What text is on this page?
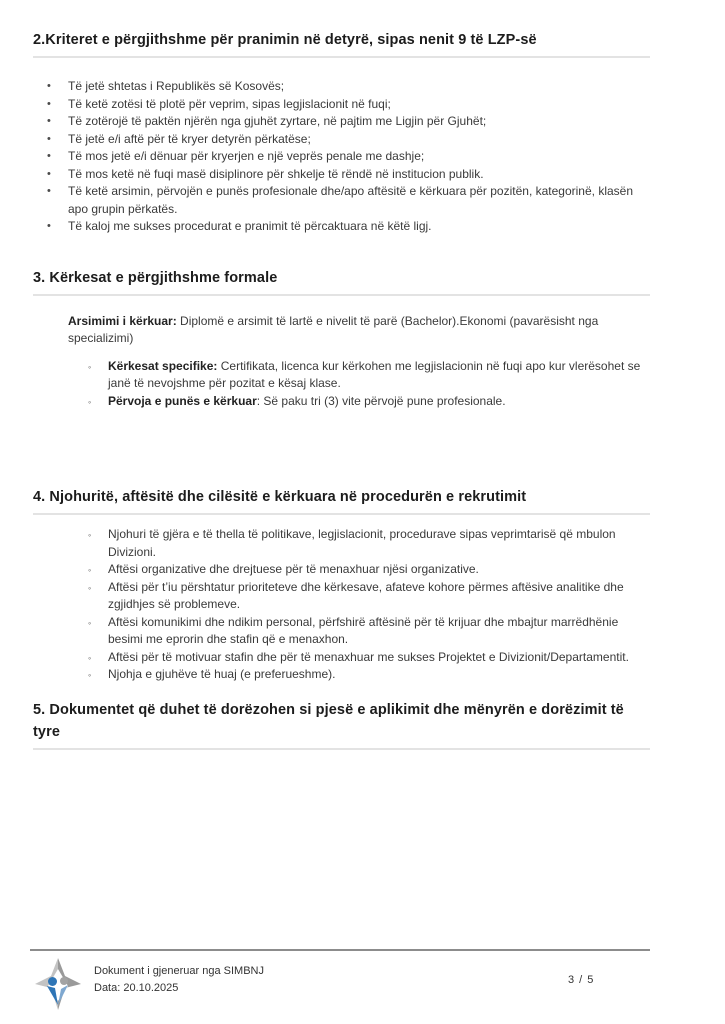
2.Kriteret e përgjithshme për pranimin në detyrë, sipas nenit 9 të LZP-së
•	Të jetë shtetas i Republikës së Kosovës;
•	Të ketë zotësi të plotë për veprim, sipas legjislacionit në fuqi;
•	Të zotërojë të paktën njërën nga gjuhët zyrtare, në pajtim me Ligjin për Gjuhët;
•	Të jetë e/i aftë për të kryer detyrën përkatëse;
•	Të mos jetë e/i dënuar për kryerjen e një veprës penale me dashje;
•	Të mos ketë në fuqi masë disiplinore për shkelje të rëndë në institucion publik.
•	Të ketë arsimin, përvojën e punës profesionale dhe/apo aftësitë e kërkuara për pozitën, kategorinë, klasën apo grupin përkatës.
•	Të kaloj me sukses procedurat e pranimit të përcaktuara në këtë ligj.
3. Kërkesat e përgjithshme formale

Arsimimi i kërkuar: Diplomë e arsimit të lartë e nivelit të parë (Bachelor).Ekonomi (pavarësisht nga specializimi)

◦	Kërkesat specifike: Certifikata, licenca kur kërkohen me legjislacionin në fuqi apo kur vlerësohet se janë të nevojshme për pozitat e kësaj klase.
◦	Përvoja e punës e kërkuar: Së paku tri (3) vite përvojë pune profesionale.
4. Njohuritë, aftësitë dhe cilësitë e kërkuara në procedurën e rekrutimit
◦	Njohuri të gjëra e të thella të politikave, legjislacionit, procedurave sipas veprimtarisë që mbulon Divizioni.
◦	Aftësi organizative dhe drejtuese për të menaxhuar njësi organizative.
◦	Aftësi për t’iu përshtatur prioriteteve dhe kërkesave, afateve kohore përmes aftësive analitike dhe zgjidhjes së problemeve.
◦	Aftësi komunikimi dhe ndikim personal, përfshirë aftësinë për të krijuar dhe mbajtur marrëdhënie besimi me eprorin dhe stafin që e menaxhon.
◦	Aftësi për të motivuar stafin dhe për të menaxhuar me sukses Projektet e Divizionit/Departamentit.
◦	Njohja e gjuhëve të huaj (e preferueshme).
5. Dokumentet që duhet të dorëzohen si pjesë e aplikimit dhe mënyrën e dorëzimit të tyre
Dokument i gjeneruar nga SIMBNJ
Data: 20.10.2025
3 / 5
